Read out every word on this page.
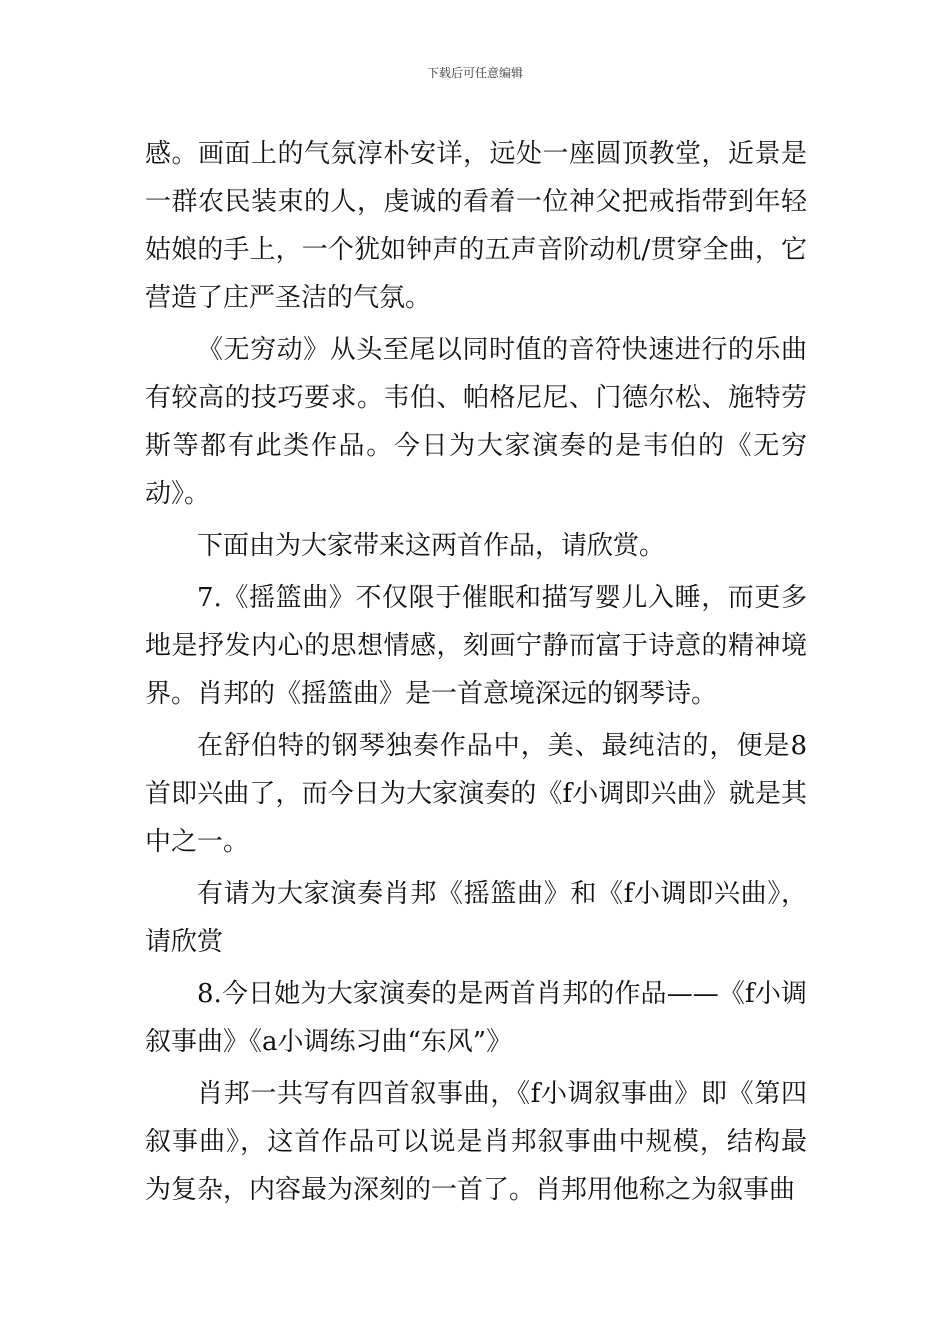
下载后可任意编辑

感。画面上的气氛淳朴安详，远处一座圆顶教堂，近景是一群农民装束的人，虔诚的看着一位神父把戒指带到年轻姑娘的手上，一个犹如钟声的五声音阶动机/贯穿全曲，它营造了庄严圣洁的气氛。

《无穷动》从头至尾以同时值的音符快速进行的乐曲有较高的技巧要求。韦伯、帕格尼尼、门德尔松、施特劳斯等都有此类作品。今日为大家演奏的是韦伯的《无穷动》。

下面由为大家带来这两首作品，请欣赏。

7.《摇篮曲》不仅限于催眠和描写婴儿入睡，而更多地是抒发内心的思想情感，刻画宁静而富于诗意的精神境界。肖邦的《摇篮曲》是一首意境深远的钢琴诗。

在舒伯特的钢琴独奏作品中，美、最纯洁的，便是8首即兴曲了，而今日为大家演奏的《f小调即兴曲》就是其中之一。

有请为大家演奏肖邦《摇篮曲》和《f小调即兴曲》，请欣赏

8.今日她为大家演奏的是两首肖邦的作品——《f小调叙事曲》《a小调练习曲“东风”》

肖邦一共写有四首叙事曲，《f小调叙事曲》即《第四叙事曲》，这首作品可以说是肖邦叙事曲中规模，结构最为复杂，内容最为深刻的一首了。肖邦用他称之为叙事曲
